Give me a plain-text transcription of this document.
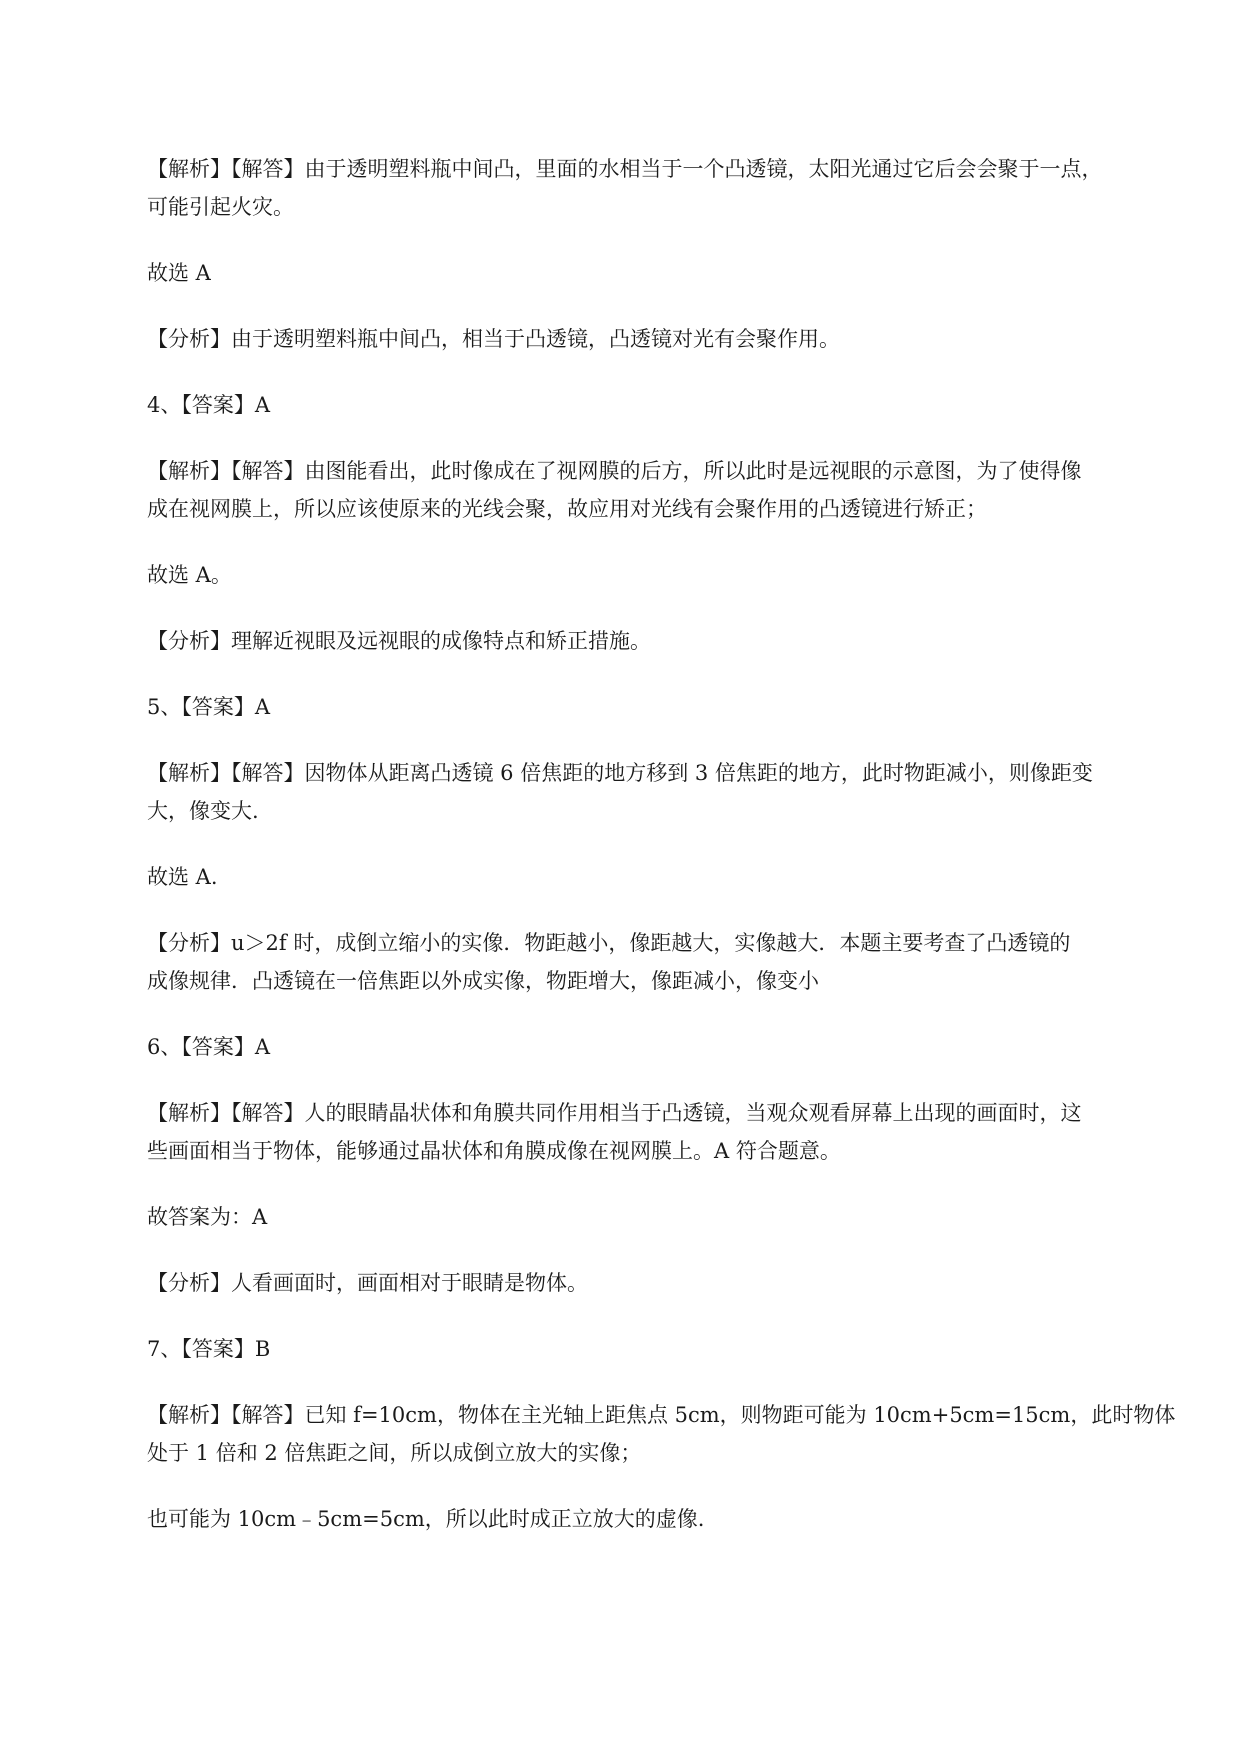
【解析】【解答】由于透明塑料瓶中间凸，里面的水相当于一个凸透镜，太阳光通过它后会会聚于一点，
可能引起火灾。

故选 A

【分析】由于透明塑料瓶中间凸，相当于凸透镜，凸透镜对光有会聚作用。

4、【答案】A

【解析】【解答】由图能看出，此时像成在了视网膜的后方，所以此时是远视眼的示意图，为了使得像
成在视网膜上，所以应该使原来的光线会聚，故应用对光线有会聚作用的凸透镜进行矫正；

故选 A。

【分析】理解近视眼及远视眼的成像特点和矫正措施。

5、【答案】A

【解析】【解答】因物体从距离凸透镜 6 倍焦距的地方移到 3 倍焦距的地方，此时物距减小，则像距变
大，像变大.

故选 A.

【分析】u＞2f 时，成倒立缩小的实像．物距越小，像距越大，实像越大．本题主要考查了凸透镜的
成像规律．凸透镜在一倍焦距以外成实像，物距增大，像距减小，像变小

6、【答案】A

【解析】【解答】人的眼睛晶状体和角膜共同作用相当于凸透镜，当观众观看屏幕上出现的画面时，这
些画面相当于物体，能够通过晶状体和角膜成像在视网膜上。A 符合题意。

故答案为：A

【分析】人看画面时，画面相对于眼睛是物体。

7、【答案】B

【解析】【解答】已知 f=10cm，物体在主光轴上距焦点 5cm，则物距可能为 10cm+5cm=15cm，此时物体
处于 1 倍和 2 倍焦距之间，所以成倒立放大的实像；

也可能为 10cm﹣5cm=5cm，所以此时成正立放大的虚像.
